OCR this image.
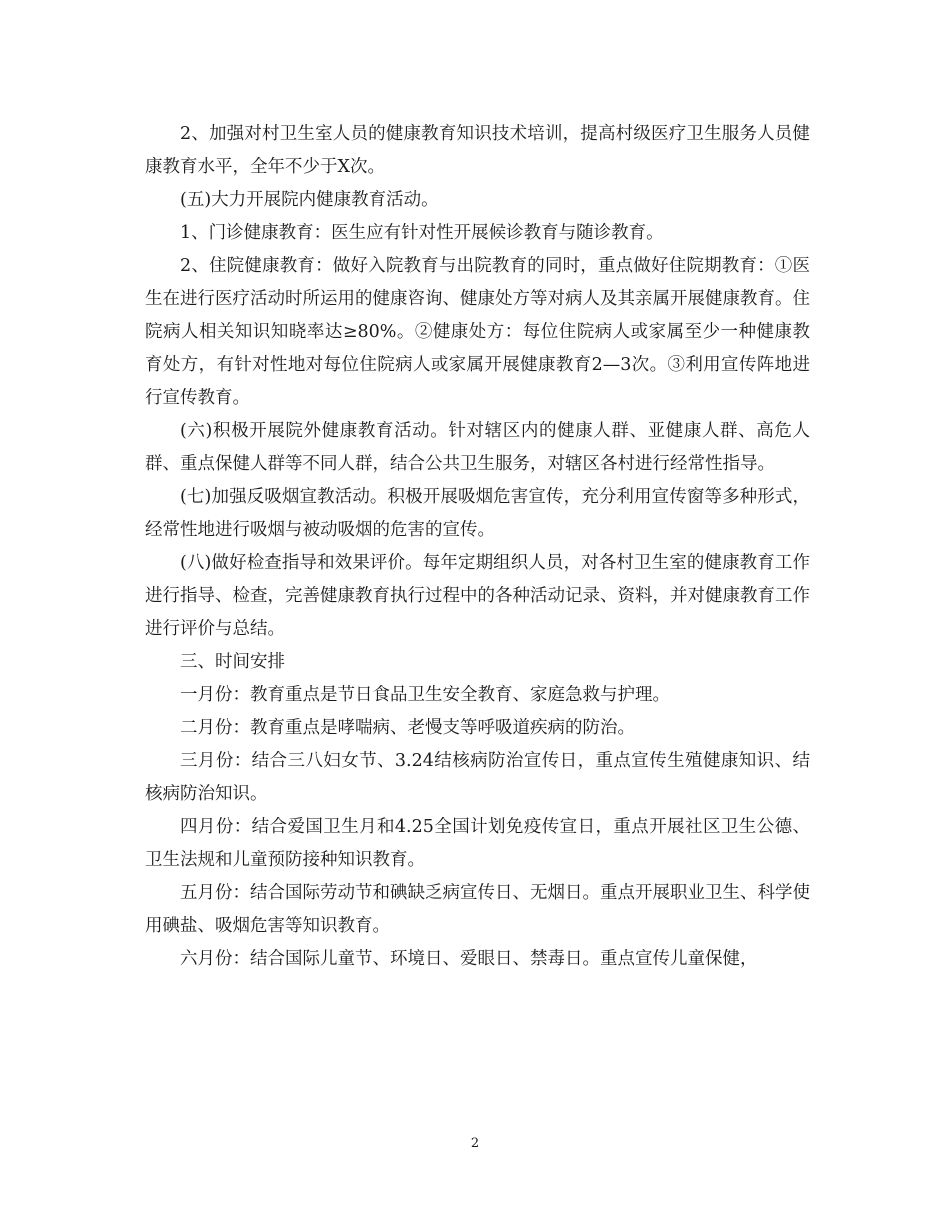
2、加强对村卫生室人员的健康教育知识技术培训，提高村级医疗卫生服务人员健康教育水平，全年不少于X次。

(五)大力开展院内健康教育活动。

1、门诊健康教育：医生应有针对性开展候诊教育与随诊教育。

2、住院健康教育：做好入院教育与出院教育的同时，重点做好住院期教育：①医生在进行医疗活动时所运用的健康咨询、健康处方等对病人及其亲属开展健康教育。住院病人相关知识知晓率达≥80%。②健康处方：每位住院病人或家属至少一种健康教育处方，有针对性地对每位住院病人或家属开展健康教育2—3次。③利用宣传阵地进行宣传教育。

(六)积极开展院外健康教育活动。针对辖区内的健康人群、亚健康人群、高危人群、重点保健人群等不同人群，结合公共卫生服务，对辖区各村进行经常性指导。

(七)加强反吸烟宣教活动。积极开展吸烟危害宣传，充分利用宣传窗等多种形式，经常性地进行吸烟与被动吸烟的危害的宣传。

(八)做好检查指导和效果评价。每年定期组织人员，对各村卫生室的健康教育工作进行指导、检查，完善健康教育执行过程中的各种活动记录、资料，并对健康教育工作进行评价与总结。

三、时间安排

一月份：教育重点是节日食品卫生安全教育、家庭急救与护理。

二月份：教育重点是哮喘病、老慢支等呼吸道疾病的防治。

三月份：结合三八妇女节、3.24结核病防治宣传日，重点宣传生殖健康知识、结核病防治知识。

四月份：结合爱国卫生月和4.25全国计划免疫传宣日，重点开展社区卫生公德、卫生法规和儿童预防接种知识教育。

五月份：结合国际劳动节和碘缺乏病宣传日、无烟日。重点开展职业卫生、科学使用碘盐、吸烟危害等知识教育。

六月份：结合国际儿童节、环境日、爱眼日、禁毒日。重点宣传儿童保健，

2
